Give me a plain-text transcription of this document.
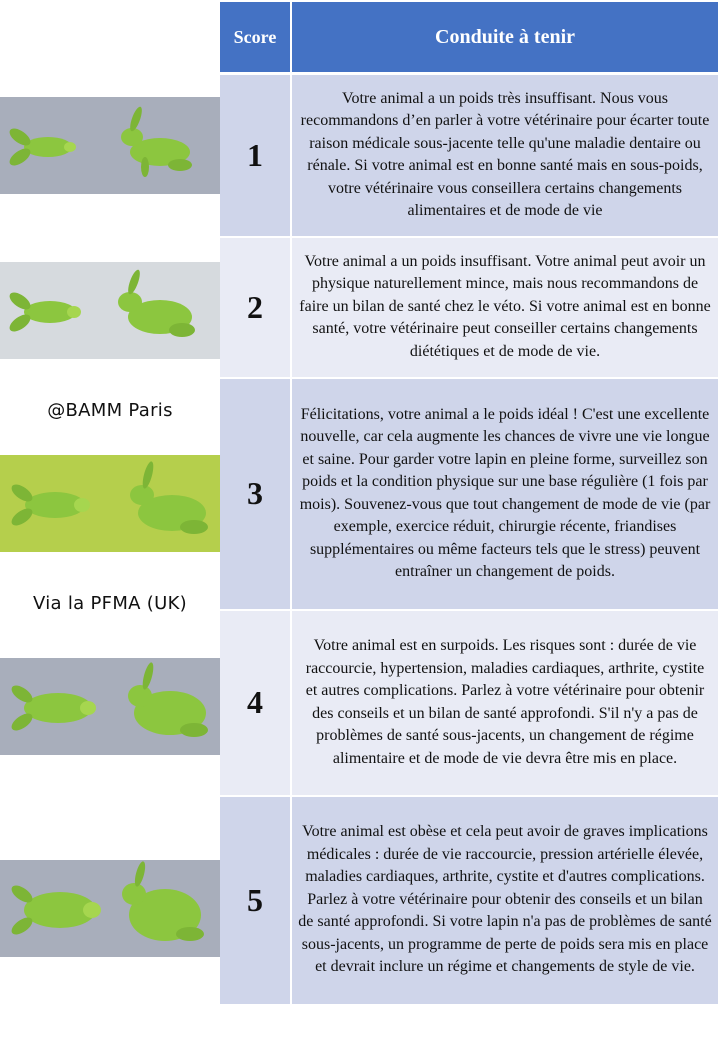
@BAMM Paris
Via la PFMA (UK)
Score	Conduite à tenir
1	Votre animal a un poids très insuffisant. Nous vous recommandons d’en parler à votre vétérinaire pour écarter toute raison médicale sous-jacente telle qu'une maladie dentaire ou rénale. Si votre animal est en bonne santé mais en sous-poids, votre vétérinaire vous conseillera certains changements alimentaires et de mode de vie
2	Votre animal a un poids insuffisant. Votre animal peut avoir un physique naturellement mince, mais nous recommandons de faire un bilan de santé chez le véto. Si votre animal est en bonne santé, votre vétérinaire peut conseiller certains changements diététiques et de mode de vie.
3	Félicitations, votre animal a le poids idéal ! C'est une excellente nouvelle, car cela augmente les chances de vivre une vie longue et saine. Pour garder votre lapin en pleine forme, surveillez son poids et la condition physique sur une base régulière (1 fois par mois). Souvenez-vous que tout changement de mode de vie (par exemple, exercice réduit, chirurgie récente, friandises supplémentaires ou même facteurs tels que le stress) peuvent entraîner un changement de poids.
4	Votre animal est en surpoids. Les risques sont : durée de vie raccourcie, hypertension, maladies cardiaques, arthrite, cystite et autres complications. Parlez à votre vétérinaire pour obtenir des conseils et un bilan de santé approfondi. S'il n'y a pas de problèmes de santé sous-jacents, un changement de régime alimentaire et de mode de vie devra être mis en place.
5	Votre animal est obèse et cela peut avoir de graves implications médicales : durée de vie raccourcie, pression artérielle élevée, maladies cardiaques, arthrite, cystite et d'autres complications. Parlez à votre vétérinaire pour obtenir des conseils et un bilan de santé approfondi. Si votre lapin n'a pas de problèmes de santé sous-jacents, un programme de perte de poids sera mis en place et devrait inclure un régime et changements de style de vie.
